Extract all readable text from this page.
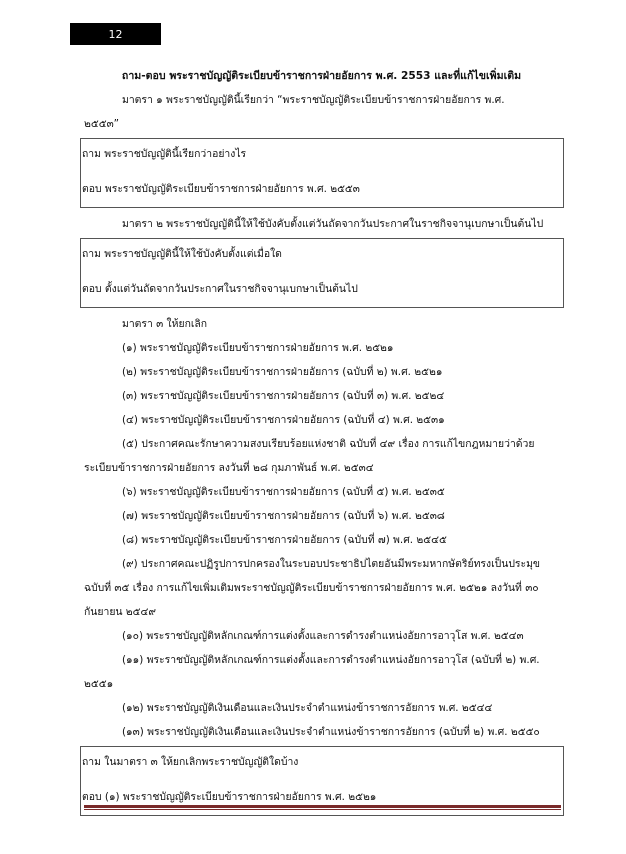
12
ถาม-ตอบ พระราชบัญญัติระเบียบข้าราชการฝ่ายอัยการ พ.ศ. 2553 และที่แก้ไขเพิ่มเติม

มาตรา ๑ พระราชบัญญัตินี้เรียกว่า “พระราชบัญญัติระเบียบข้าราชการฝ่ายอัยการ พ.ศ.

๒๕๕๓”

ถาม พระราชบัญญัตินี้เรียกว่าอย่างไร
ตอบ พระราชบัญญัติระเบียบข้าราชการฝ่ายอัยการ พ.ศ. ๒๕๕๓

มาตรา ๒ พระราชบัญญัตินี้ให้ใช้บังคับตั้งแต่วันถัดจากวันประกาศในราชกิจจานุเบกษาเป็นต้นไป

ถาม พระราชบัญญัตินี้ให้ใช้บังคับตั้งแต่เมื่อใด
ตอบ ตั้งแต่วันถัดจากวันประกาศในราชกิจจานุเบกษาเป็นต้นไป

มาตรา ๓ ให้ยกเลิก

(๑) พระราชบัญญัติระเบียบข้าราชการฝ่ายอัยการ พ.ศ. ๒๕๒๑

(๒) พระราชบัญญัติระเบียบข้าราชการฝ่ายอัยการ (ฉบับที่ ๒) พ.ศ. ๒๕๒๑

(๓) พระราชบัญญัติระเบียบข้าราชการฝ่ายอัยการ (ฉบับที่ ๓) พ.ศ. ๒๕๒๔

(๔) พระราชบัญญัติระเบียบข้าราชการฝ่ายอัยการ (ฉบับที่ ๔) พ.ศ. ๒๕๓๑

(๕) ประกาศคณะรักษาความสงบเรียบร้อยแห่งชาติ ฉบับที่ ๔๙ เรื่อง การแก้ไขกฎหมายว่าด้วย

ระเบียบข้าราชการฝ่ายอัยการ ลงวันที่ ๒๘ กุมภาพันธ์ พ.ศ. ๒๕๓๔

(๖) พระราชบัญญัติระเบียบข้าราชการฝ่ายอัยการ (ฉบับที่ ๕) พ.ศ. ๒๕๓๕

(๗) พระราชบัญญัติระเบียบข้าราชการฝ่ายอัยการ (ฉบับที่ ๖) พ.ศ. ๒๕๓๘

(๘) พระราชบัญญัติระเบียบข้าราชการฝ่ายอัยการ (ฉบับที่ ๗) พ.ศ. ๒๕๔๕

(๙) ประกาศคณะปฏิรูปการปกครองในระบอบประชาธิปไตยอันมีพระมหากษัตริย์ทรงเป็นประมุข

ฉบับที่ ๓๕ เรื่อง การแก้ไขเพิ่มเติมพระราชบัญญัติระเบียบข้าราชการฝ่ายอัยการ พ.ศ. ๒๕๒๑ ลงวันที่ ๓๐

กันยายน ๒๕๔๙

(๑๐) พระราชบัญญัติหลักเกณฑ์การแต่งตั้งและการดำรงตำแหน่งอัยการอาวุโส พ.ศ. ๒๕๔๓

(๑๑) พระราชบัญญัติหลักเกณฑ์การแต่งตั้งและการดำรงตำแหน่งอัยการอาวุโส (ฉบับที่ ๒) พ.ศ.

๒๕๕๑

(๑๒) พระราชบัญญัติเงินเดือนและเงินประจำตำแหน่งข้าราชการอัยการ พ.ศ. ๒๕๔๔

(๑๓) พระราชบัญญัติเงินเดือนและเงินประจำตำแหน่งข้าราชการอัยการ (ฉบับที่ ๒) พ.ศ. ๒๕๕๐

ถาม ในมาตรา ๓ ให้ยกเลิกพระราชบัญญัติใดบ้าง
ตอบ (๑) พระราชบัญญัติระเบียบข้าราชการฝ่ายอัยการ พ.ศ. ๒๕๒๑
